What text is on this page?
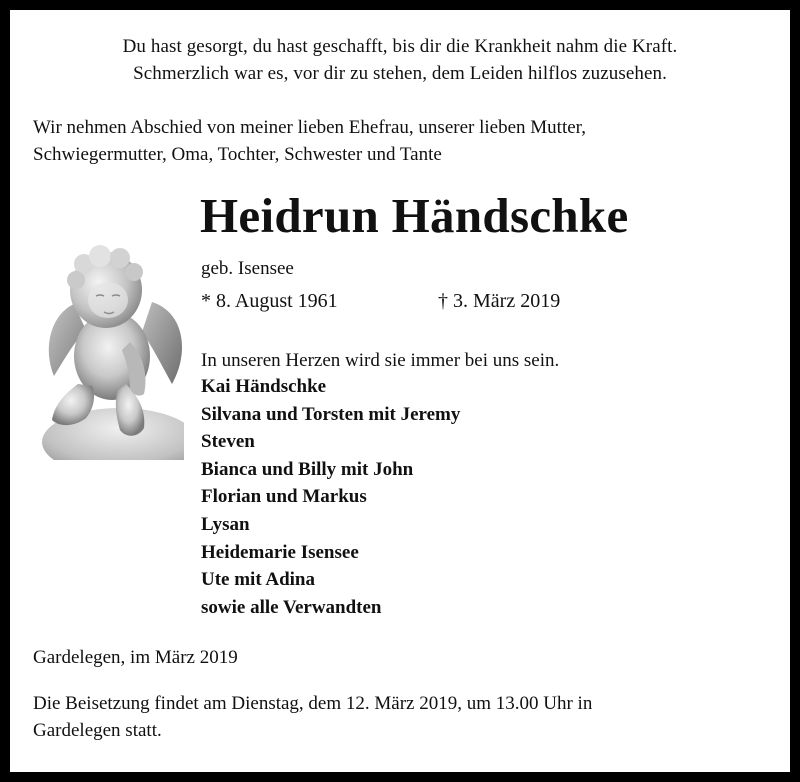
Du hast gesorgt, du hast geschafft, bis dir die Krankheit nahm die Kraft.
Schmerzlich war es, vor dir zu stehen, dem Leiden hilflos zuzusehen.
Wir nehmen Abschied von meiner lieben Ehefrau, unserer lieben Mutter,
Schwiegermutter, Oma, Tochter, Schwester und Tante
Heidrun Händschke
geb. Isensee
* 8. August 1961	† 3. März 2019
In unseren Herzen wird sie immer bei uns sein.
Kai Händschke
Silvana und Torsten mit Jeremy
Steven
Bianca und Billy mit John
Florian und Markus
Lysan
Heidemarie Isensee
Ute mit Adina
sowie alle Verwandten
Gardelegen, im März 2019
Die Beisetzung findet am Dienstag, dem 12. März 2019, um 13.00 Uhr in
Gardelegen statt.
